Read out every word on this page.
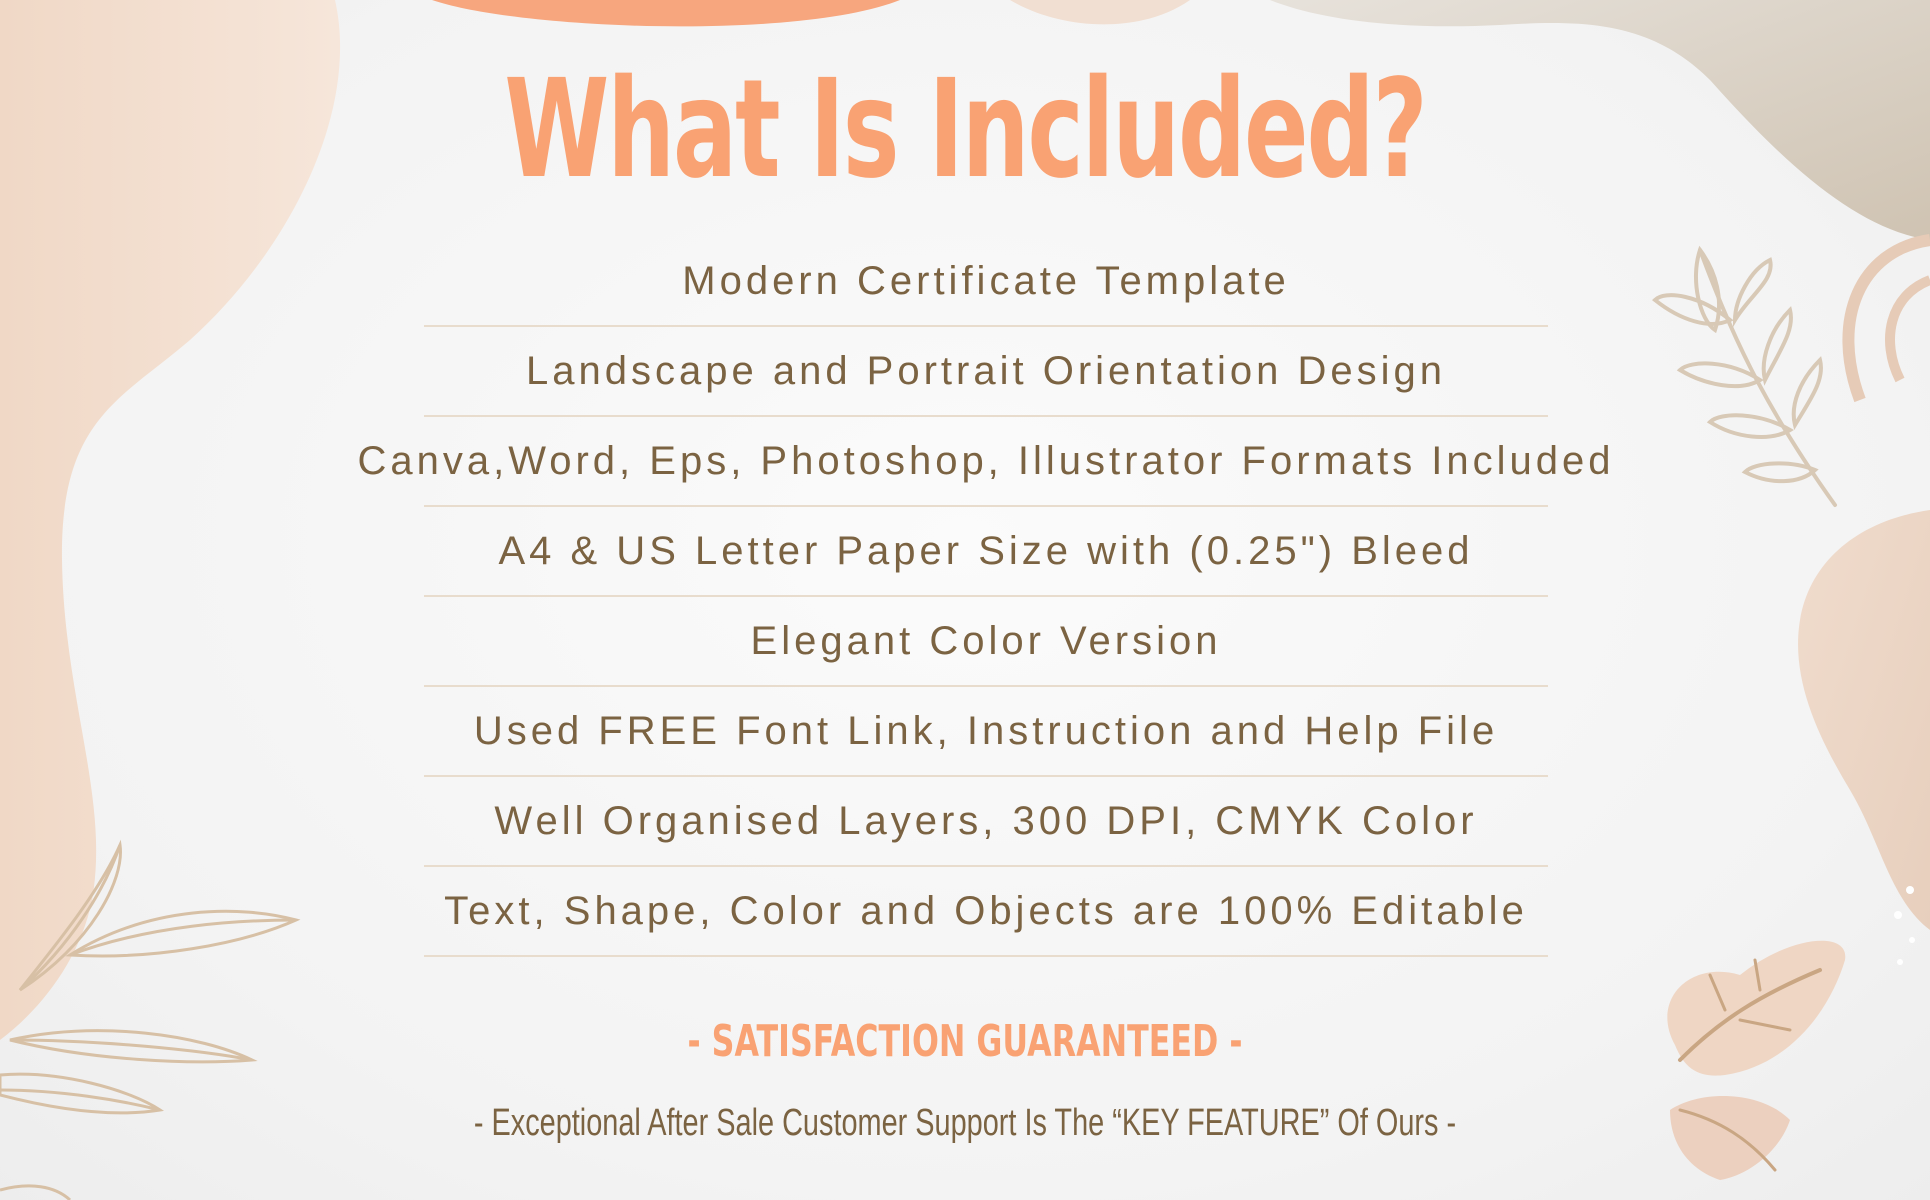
What Is Included?
Modern Certificate Template
Landscape and Portrait Orientation Design
Canva,Word, Eps, Photoshop, Illustrator Formats Included
A4 & US Letter Paper Size with (0.25") Bleed
Elegant Color Version
Used FREE Font Link, Instruction and Help File
Well Organised Layers, 300 DPI, CMYK Color
Text, Shape, Color and Objects are 100% Editable
- SATISFACTION GUARANTEED -
- Exceptional After Sale Customer Support Is The “KEY FEATURE” Of Ours -
